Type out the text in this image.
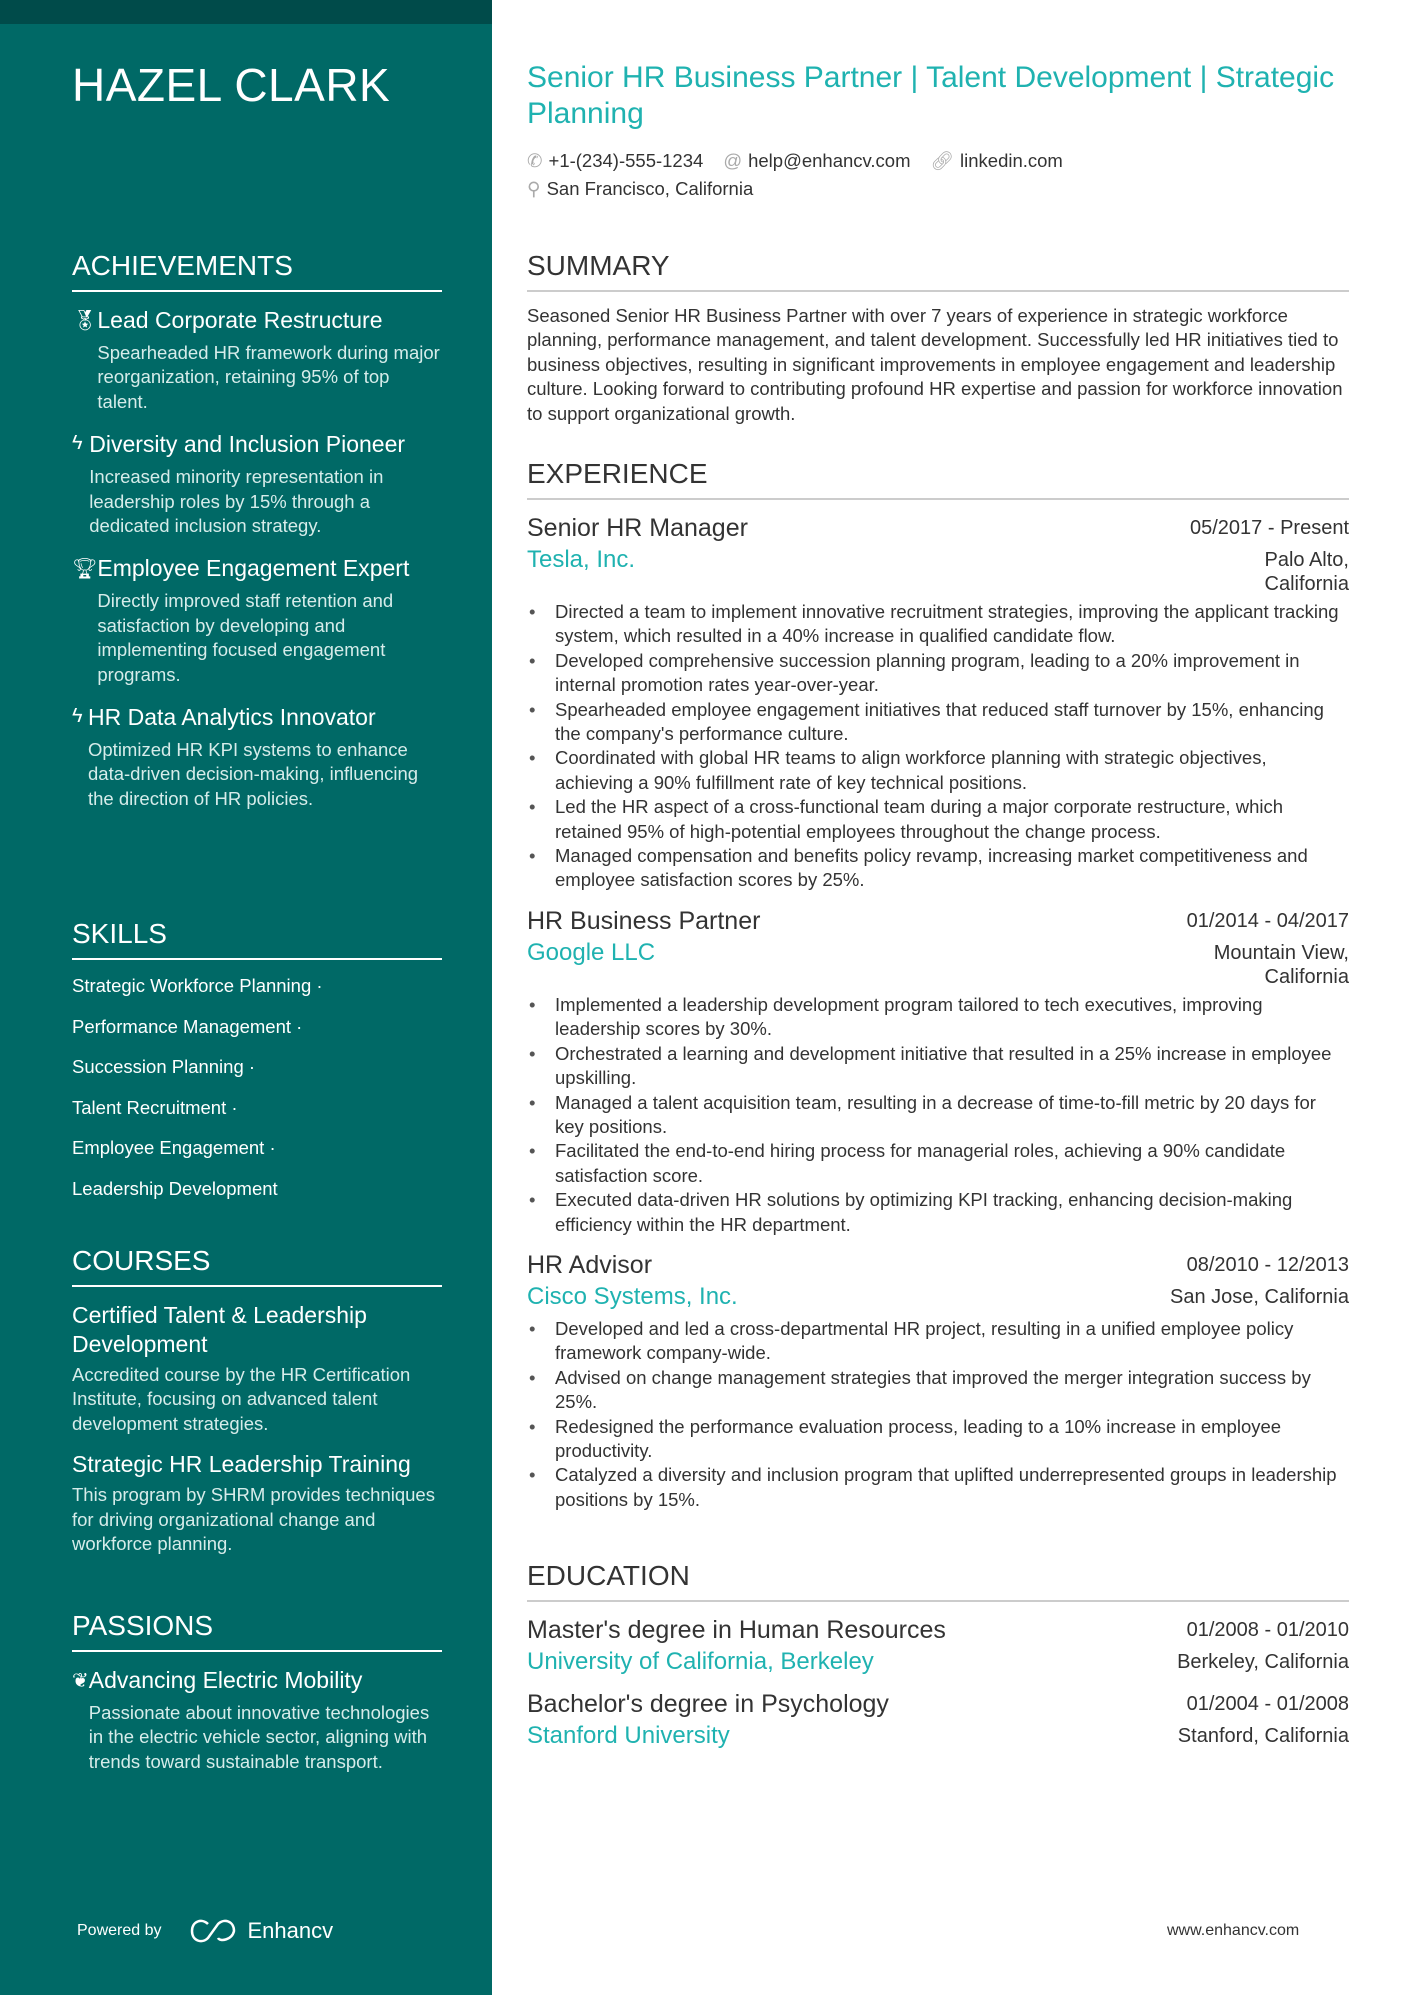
HAZEL CLARK
ACHIEVEMENTS
🏅︎ Lead Corporate Restructure
Spearheaded HR framework during major reorganization, retaining 95% of top talent.
ϟ Diversity and Inclusion Pioneer
Increased minority representation in leadership roles by 15% through a dedicated inclusion strategy.
🏆︎ Employee Engagement Expert
Directly improved staff retention and satisfaction by developing and implementing focused engagement programs.
ϟ HR Data Analytics Innovator
Optimized HR KPI systems to enhance data-driven decision-making, influencing the direction of HR policies.
SKILLS
Strategic Workforce Planning ·
Performance Management ·
Succession Planning ·
Talent Recruitment ·
Employee Engagement ·
Leadership Development
COURSES
Certified Talent & Leadership Development
Accredited course by the HR Certification Institute, focusing on advanced talent development strategies.
Strategic HR Leadership Training
This program by SHRM provides techniques for driving organizational change and workforce planning.
PASSIONS
❦ Advancing Electric Mobility
Passionate about innovative technologies in the electric vehicle sector, aligning with trends toward sustainable transport.
Powered by	Enhancv
Senior HR Business Partner | Talent Development | Strategic Planning
✆ +1-(234)-555-1234 @ help@enhancv.com 🔗︎ linkedin.com
⚲ San Francisco, California
SUMMARY
Seasoned Senior HR Business Partner with over 7 years of experience in strategic workforce planning, performance management, and talent development. Successfully led HR initiatives tied to business objectives, resulting in significant improvements in employee engagement and leadership culture. Looking forward to contributing profound HR expertise and passion for workforce innovation to support organizational growth.
EXPERIENCE
Senior HR Manager	05/2017 - Present
Tesla, Inc.	Palo Alto, California
• Directed a team to implement innovative recruitment strategies, improving the applicant tracking system, which resulted in a 40% increase in qualified candidate flow.
• Developed comprehensive succession planning program, leading to a 20% improvement in internal promotion rates year-over-year.
• Spearheaded employee engagement initiatives that reduced staff turnover by 15%, enhancing the company's performance culture.
• Coordinated with global HR teams to align workforce planning with strategic objectives, achieving a 90% fulfillment rate of key technical positions.
• Led the HR aspect of a cross-functional team during a major corporate restructure, which retained 95% of high-potential employees throughout the change process.
• Managed compensation and benefits policy revamp, increasing market competitiveness and employee satisfaction scores by 25%.
HR Business Partner	01/2014 - 04/2017
Google LLC	Mountain View, California
• Implemented a leadership development program tailored to tech executives, improving leadership scores by 30%.
• Orchestrated a learning and development initiative that resulted in a 25% increase in employee upskilling.
• Managed a talent acquisition team, resulting in a decrease of time-to-fill metric by 20 days for key positions.
• Facilitated the end-to-end hiring process for managerial roles, achieving a 90% candidate satisfaction score.
• Executed data-driven HR solutions by optimizing KPI tracking, enhancing decision-making efficiency within the HR department.
HR Advisor	08/2010 - 12/2013
Cisco Systems, Inc.	San Jose, California
• Developed and led a cross-departmental HR project, resulting in a unified employee policy framework company-wide.
• Advised on change management strategies that improved the merger integration success by 25%.
• Redesigned the performance evaluation process, leading to a 10% increase in employee productivity.
• Catalyzed a diversity and inclusion program that uplifted underrepresented groups in leadership positions by 15%.
EDUCATION
Master's degree in Human Resources	01/2008 - 01/2010
University of California, Berkeley	Berkeley, California
Bachelor's degree in Psychology	01/2004 - 01/2008
Stanford University	Stanford, California
www.enhancv.com
